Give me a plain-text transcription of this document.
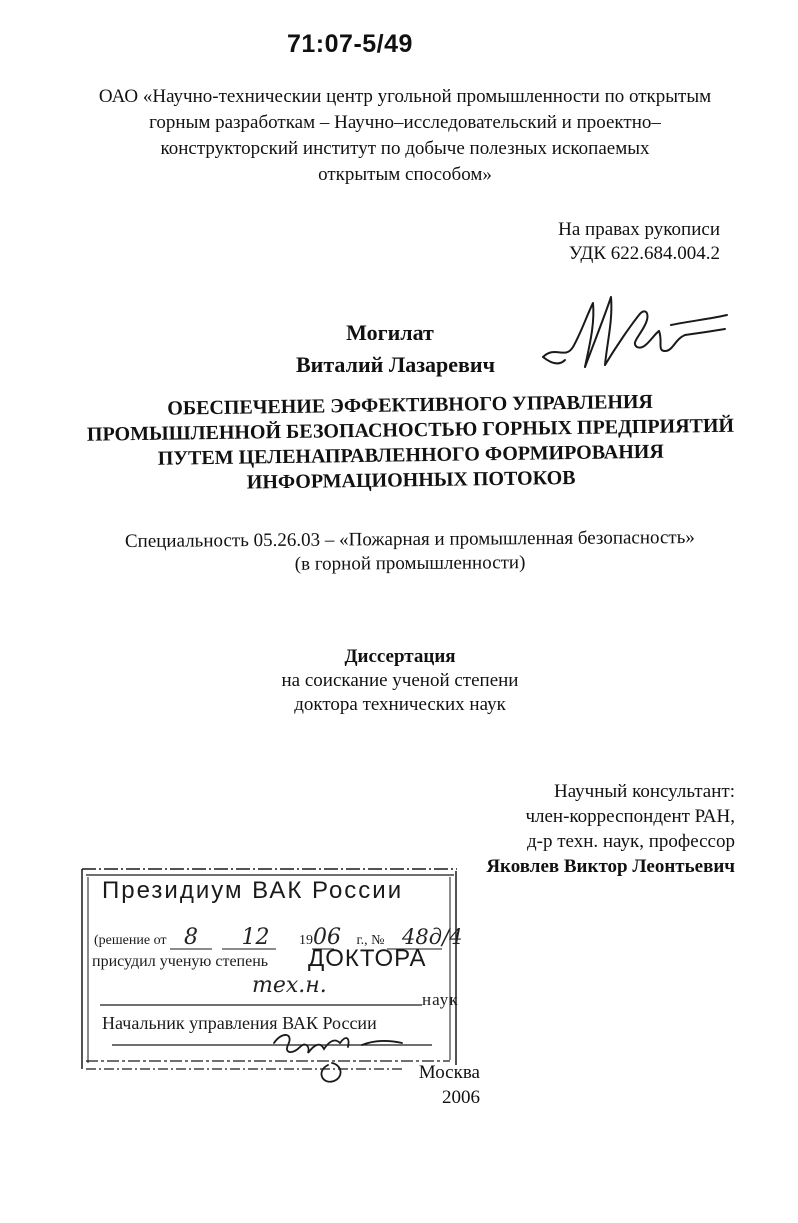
71:07-5/49
ОАО «Научно-техническии центр угольной промышленности по открытым
горным разработкам – Научно–исследовательский и проектно–
конструкторский институт по добыче полезных ископаемых
открытым способом»
На правах рукописи
УДК 622.684.004.2
Могилат
Виталий Лазаревич
ОБЕСПЕЧЕНИЕ ЭФФЕКТИВНОГО УПРАВЛЕНИЯ
ПРОМЫШЛЕННОЙ БЕЗОПАСНОСТЬЮ ГОРНЫХ ПРЕДПРИЯТИЙ
ПУТЕМ ЦЕЛЕНАПРАВЛЕННОГО ФОРМИРОВАНИЯ
ИНФОРМАЦИОННЫХ ПОТОКОВ
Специальность 05.26.03 – «Пожарная и промышленная безопасность»
(в горной промышленности)
Диссертация
на соискание ученой степени
доктора технических наук
Научный консультант:
член-корреспондент РАН,
д-р техн. наук, профессор
Яковлев Виктор Леонтьевич
Президиум ВАК России
(решение от 8 12 1906 г., № 48д/4
присудил ученую степень ДОКТОРА
тех.н.
наук
Начальник управления ВАК России
Москва
2006
